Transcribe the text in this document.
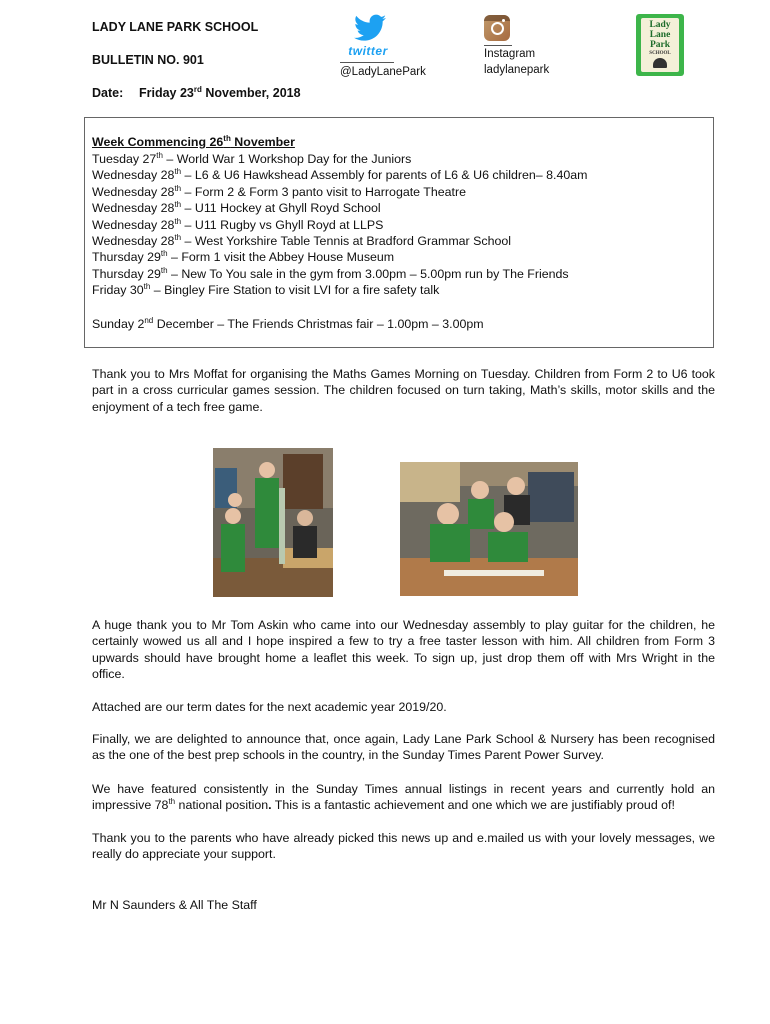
LADY LANE PARK SCHOOL
BULLETIN NO. 901
Date: Friday 23rd November, 2018
twitter
@LadyLanePark
Instagram
ladylanepark
Lady
Lane
Park
SCHOOL
Week Commencing 26th November
Tuesday 27th – World War 1 Workshop Day for the Juniors
Wednesday 28th – L6 & U6 Hawkshead Assembly for parents of L6 & U6 children– 8.40am
Wednesday 28th – Form 2 & Form 3 panto visit to Harrogate Theatre
Wednesday 28th – U11 Hockey at Ghyll Royd School
Wednesday 28th – U11 Rugby vs Ghyll Royd at LLPS
Wednesday 28th – West Yorkshire Table Tennis at Bradford Grammar School
Thursday 29th – Form 1 visit the Abbey House Museum
Thursday 29th – New To You sale in the gym from 3.00pm – 5.00pm run by The Friends
Friday 30th – Bingley Fire Station to visit LVI for a fire safety talk
Sunday 2nd December – The Friends Christmas fair – 1.00pm – 3.00pm
Thank you to Mrs Moffat for organising the Maths Games Morning on Tuesday. Children from Form 2 to U6 took part in a cross curricular games session. The children focused on turn taking, Math’s skills, motor skills and the enjoyment of a tech free game.
A huge thank you to Mr Tom Askin who came into our Wednesday assembly to play guitar for the children, he certainly wowed us all and I hope inspired a few to try a free taster lesson with him. All children from Form 3 upwards should have brought home a leaflet this week. To sign up, just drop them off with Mrs Wright in the office.
Attached are our term dates for the next academic year 2019/20.
Finally, we are delighted to announce that, once again, Lady Lane Park School & Nursery has been recognised as the one of the best prep schools in the country, in the Sunday Times Parent Power Survey.
We have featured consistently in the Sunday Times annual listings in recent years and currently hold an impressive 78th national position. This is a fantastic achievement and one which we are justifiably proud of!
Thank you to the parents who have already picked this news up and e.mailed us with your lovely messages, we really do appreciate your support.
Mr N Saunders & All The Staff
